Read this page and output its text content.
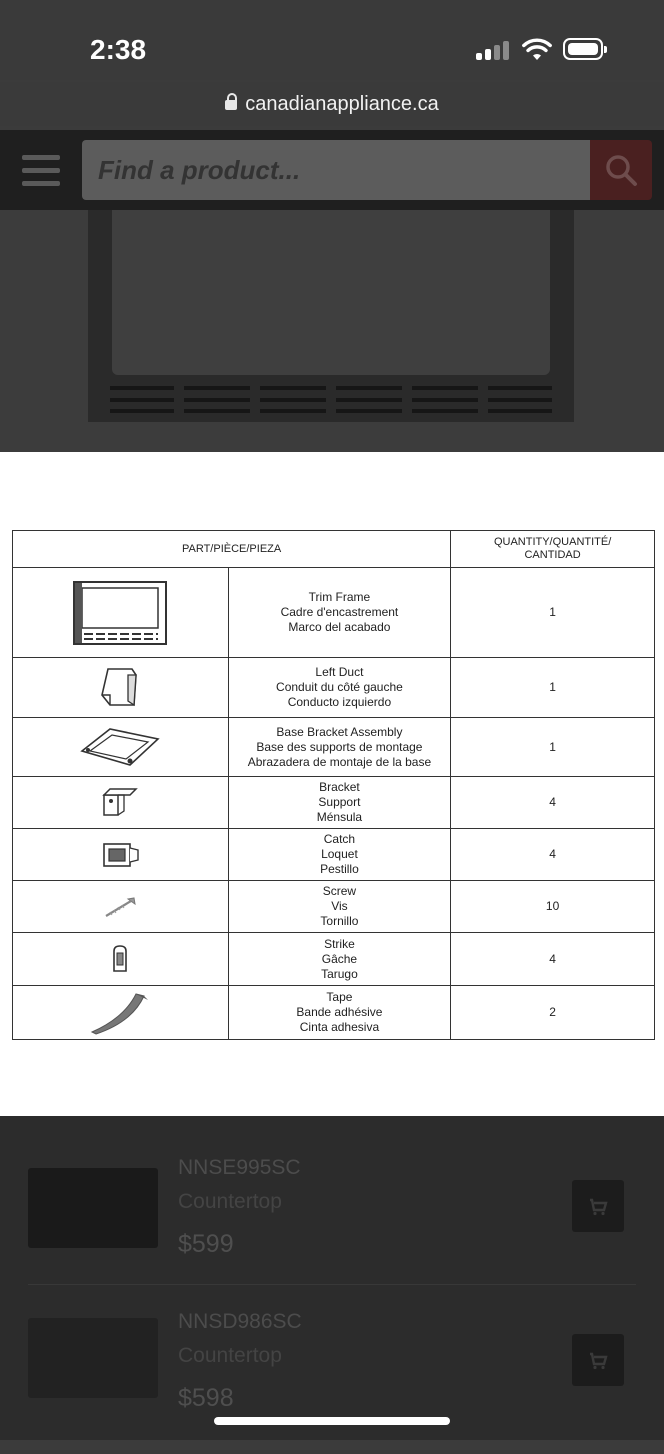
2:38
canadianappliance.ca
Find a product...
PART/PIÈCE/PIEZA		QUANTITY/QUANTITÉ/
CANTIDAD

Trim Frame
Cadre d'encastrement
Marco del acabado	1

Left Duct
Conduit du côté gauche
Conducto izquierdo	1

Base Bracket Assembly
Base des supports de montage
Abrazadera de montaje de la base	1

Bracket
Support
Ménsula	4

Catch
Loquet
Pestillo	4

Screw
Vis
Tornillo	10

Strike
Gâche
Tarugo	4

Tape
Bande adhésive
Cinta adhesiva	2
NNSE995SC
Countertop
$599
NNSD986SC
Countertop
$598
